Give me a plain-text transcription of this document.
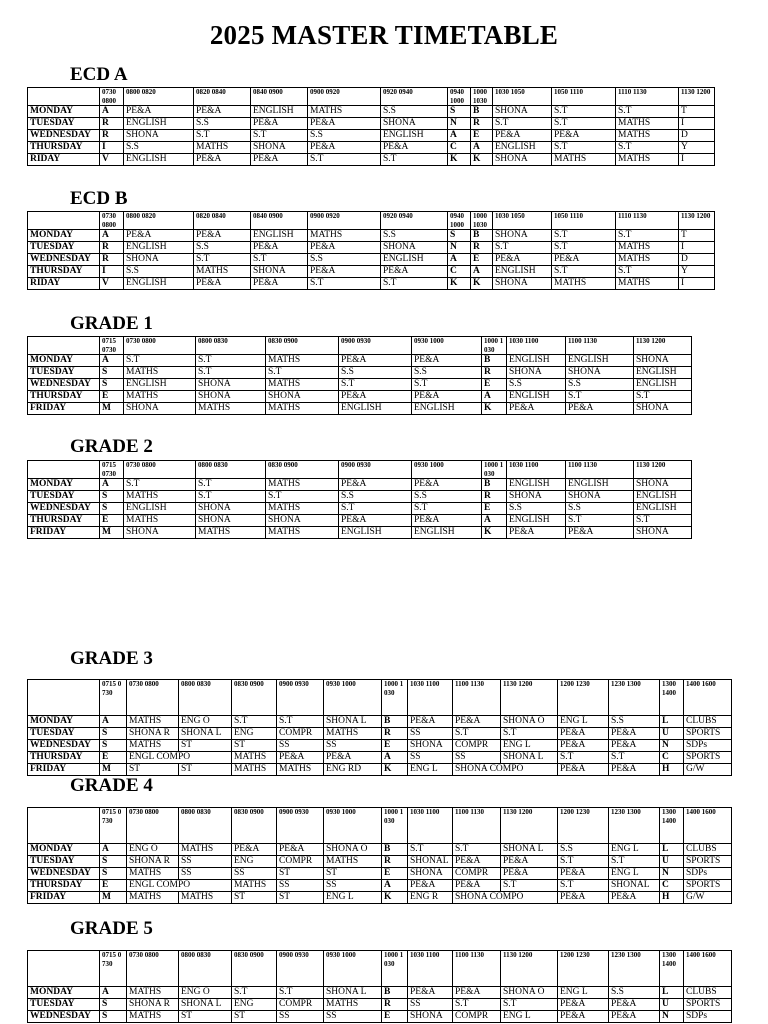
2025 MASTER TIMETABLE
ECD A
	0730 0800	0800 0820	0820 0840	0840 0900	0900 0920	0920 0940	0940 1000	1000 1030	1030 1050	1050 1110	1110 1130	1130 1200
MONDAY	A	PE&A	PE&A	ENGLISH	MATHS	S.S	S	B	SHONA	S.T	S.T	T
TUESDAY	R	ENGLISH	S.S	PE&A	PE&A	SHONA	N	R	S.T	S.T	MATHS	I
WEDNESDAY	R	SHONA	S.T	S.T	S.S	ENGLISH	A	E	PE&A	PE&A	MATHS	D
THURSDAY	I	S.S	MATHS	SHONA	PE&A	PE&A	C	A	ENGLISH	S.T	S.T	Y
RIDAY	V	ENGLISH	PE&A	PE&A	S.T	S.T	K	K	SHONA	MATHS	MATHS	I
ECD B
	0730 0800	0800 0820	0820 0840	0840 0900	0900 0920	0920 0940	0940 1000	1000 1030	1030 1050	1050 1110	1110 1130	1130 1200
MONDAY	A	PE&A	PE&A	ENGLISH	MATHS	S.S	S	B	SHONA	S.T	S.T	T
TUESDAY	R	ENGLISH	S.S	PE&A	PE&A	SHONA	N	R	S.T	S.T	MATHS	I
WEDNESDAY	R	SHONA	S.T	S.T	S.S	ENGLISH	A	E	PE&A	PE&A	MATHS	D
THURSDAY	I	S.S	MATHS	SHONA	PE&A	PE&A	C	A	ENGLISH	S.T	S.T	Y
RIDAY	V	ENGLISH	PE&A	PE&A	S.T	S.T	K	K	SHONA	MATHS	MATHS	I
GRADE 1
	0715 0730	0730 0800	0800 0830	0830 0900	0900 0930	0930 1000	1000 1030	1030 1100	1100 1130	1130 1200
MONDAY	A	S.T	S.T	MATHS	PE&A	PE&A	B	ENGLISH	ENGLISH	SHONA
TUESDAY	S	MATHS	S.T	S.T	S.S	S.S	R	SHONA	SHONA	ENGLISH
WEDNESDAY	S	ENGLISH	SHONA	MATHS	S.T	S.T	E	S.S	S.S	ENGLISH
THURSDAY	E	MATHS	SHONA	SHONA	PE&A	PE&A	A	ENGLISH	S.T	S.T
FRIDAY	M	SHONA	MATHS	MATHS	ENGLISH	ENGLISH	K	PE&A	PE&A	SHONA
GRADE 2
	0715 0730	0730 0800	0800 0830	0830 0900	0900 0930	0930 1000	1000 1030	1030 1100	1100 1130	1130 1200
MONDAY	A	S.T	S.T	MATHS	PE&A	PE&A	B	ENGLISH	ENGLISH	SHONA
TUESDAY	S	MATHS	S.T	S.T	S.S	S.S	R	SHONA	SHONA	ENGLISH
WEDNESDAY	S	ENGLISH	SHONA	MATHS	S.T	S.T	E	S.S	S.S	ENGLISH
THURSDAY	E	MATHS	SHONA	SHONA	PE&A	PE&A	A	ENGLISH	S.T	S.T
FRIDAY	M	SHONA	MATHS	MATHS	ENGLISH	ENGLISH	K	PE&A	PE&A	SHONA
GRADE 3
	0715 0730	0730 0800	0800 0830	0830 0900	0900 0930	0930 1000	1000 1030	1030 1100	1100 1130	1130 1200	1200 1230	1230 1300	1300 1400	1400 1600
MONDAY	A	MATHS	ENG O	S.T	S.T	SHONA L	B	PE&A	PE&A	SHONA O	ENG L	S.S	L	CLUBS
TUESDAY	S	SHONA R	SHONA L	ENG	COMPR	MATHS	R	SS	S.T	S.T	PE&A	PE&A	U	SPORTS
WEDNESDAY	S	MATHS	ST	ST	SS	SS	E	SHONA	COMPR	ENG L	PE&A	PE&A	N	SDPs
THURSDAY	E	ENGL COMPO		MATHS	PE&A	PE&A	A	SS	SS	SHONA L	S.T	S.T	C	SPORTS
FRIDAY	M	ST	ST	MATHS	MATHS	ENG RD	K	ENG L	SHONA COMPO		PE&A	PE&A	H	G/W
GRADE 4
	0715 0730	0730 0800	0800 0830	0830 0900	0900 0930	0930 1000	1000 1030	1030 1100	1100 1130	1130 1200	1200 1230	1230 1300	1300 1400	1400 1600
MONDAY	A	ENG O	MATHS	PE&A	PE&A	SHONA O	B	S.T	S.T	SHONA L	S.S	ENG L	L	CLUBS
TUESDAY	S	SHONA R	SS	ENG	COMPR	MATHS	R	SHONAL	PE&A	PE&A	S.T	S.T	U	SPORTS
WEDNESDAY	S	MATHS	SS	SS	ST	ST	E	SHONA	COMPR	PE&A	PE&A	ENG L	N	SDPs
THURSDAY	E	ENGL COMPO		MATHS	SS	SS	A	PE&A	PE&A	S.T	S.T	SHONAL	C	SPORTS
FRIDAY	M	MATHS	MATHS	ST	ST	ENG L	K	ENG R	SHONA COMPO		PE&A	PE&A	H	G/W
GRADE 5
	0715 0730	0730 0800	0800 0830	0830 0900	0900 0930	0930 1000	1000 1030	1030 1100	1100 1130	1130 1200	1200 1230	1230 1300	1300 1400	1400 1600
MONDAY	A	MATHS	ENG O	S.T	S.T	SHONA L	B	PE&A	PE&A	SHONA O	ENG L	S.S	L	CLUBS
TUESDAY	S	SHONA R	SHONA L	ENG	COMPR	MATHS	R	SS	S.T	S.T	PE&A	PE&A	U	SPORTS
WEDNESDAY	S	MATHS	ST	ST	SS	SS	E	SHONA	COMPR	ENG L	PE&A	PE&A	N	SDPs
